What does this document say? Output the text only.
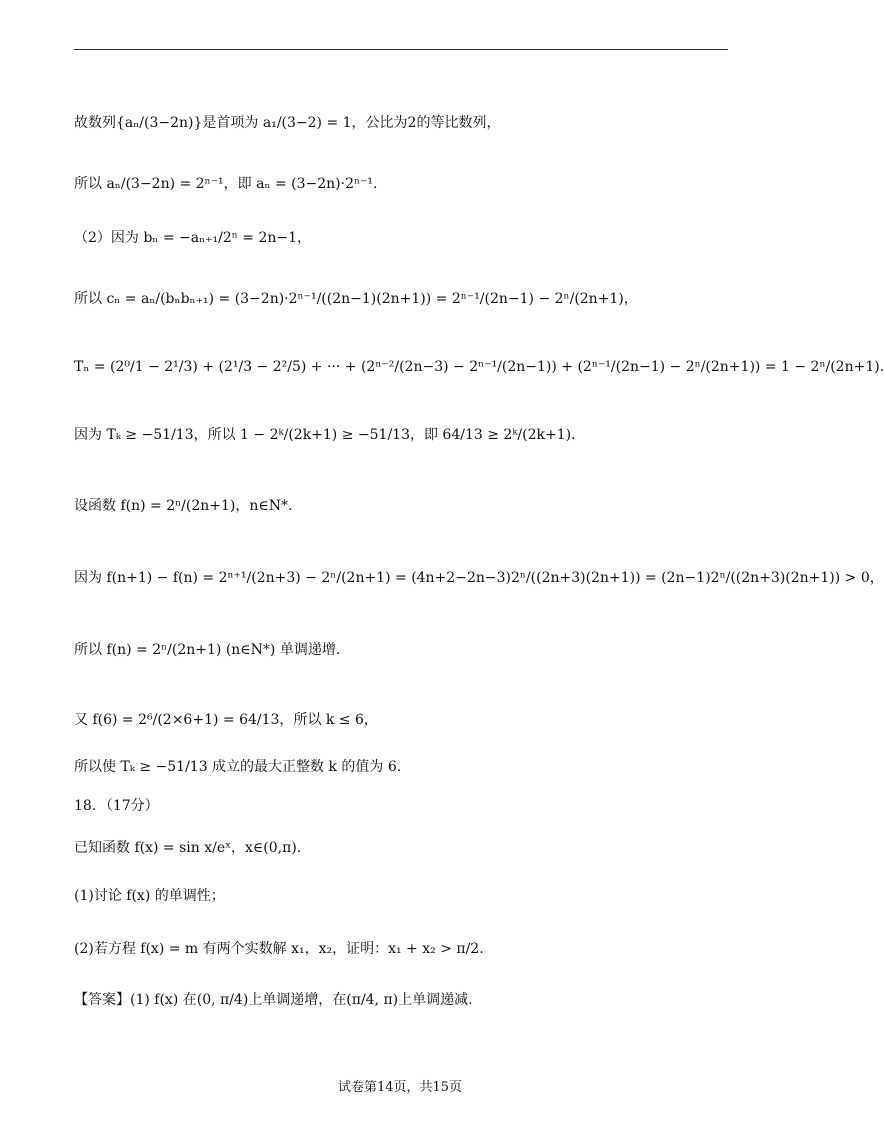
故数列{aₙ/(3−2n)}是首项为 a₁/(3−2) = 1，公比为2的等比数列，
所以 aₙ/(3−2n) = 2ⁿ⁻¹，即 aₙ = (3−2n)·2ⁿ⁻¹.
（2）因为 bₙ = −aₙ₊₁/2ⁿ = 2n−1，
所以 cₙ = aₙ/(bₙbₙ₊₁) = (3−2n)·2ⁿ⁻¹/((2n−1)(2n+1)) = 2ⁿ⁻¹/(2n−1) − 2ⁿ/(2n+1)，
Tₙ = (2⁰/1 − 2¹/3) + (2¹/3 − 2²/5) + ··· + (2ⁿ⁻²/(2n−3) − 2ⁿ⁻¹/(2n−1)) + (2ⁿ⁻¹/(2n−1) − 2ⁿ/(2n+1)) = 1 − 2ⁿ/(2n+1).
因为 Tₖ ≥ −51/13，所以 1 − 2ᵏ/(2k+1) ≥ −51/13，即 64/13 ≥ 2ᵏ/(2k+1).
设函数 f(n) = 2ⁿ/(2n+1)，n∈N*.
因为 f(n+1) − f(n) = 2ⁿ⁺¹/(2n+3) − 2ⁿ/(2n+1) = (4n+2−2n−3)2ⁿ/((2n+3)(2n+1)) = (2n−1)2ⁿ/((2n+3)(2n+1)) > 0，
所以 f(n) = 2ⁿ/(2n+1) (n∈N*) 单调递增.
又 f(6) = 2⁶/(2×6+1) = 64/13，所以 k ≤ 6，
所以使 Tₖ ≥ −51/13 成立的最大正整数 k 的值为 6.
18．（17分）
已知函数 f(x) = sin x/eˣ，x∈(0,π).
(1)讨论 f(x) 的单调性；
(2)若方程 f(x) = m 有两个实数解 x₁，x₂，证明：x₁ + x₂ > π/2.
【答案】(1) f(x) 在(0, π/4)上单调递增，在(π/4, π)上单调递减.
试卷第14页，共15页
